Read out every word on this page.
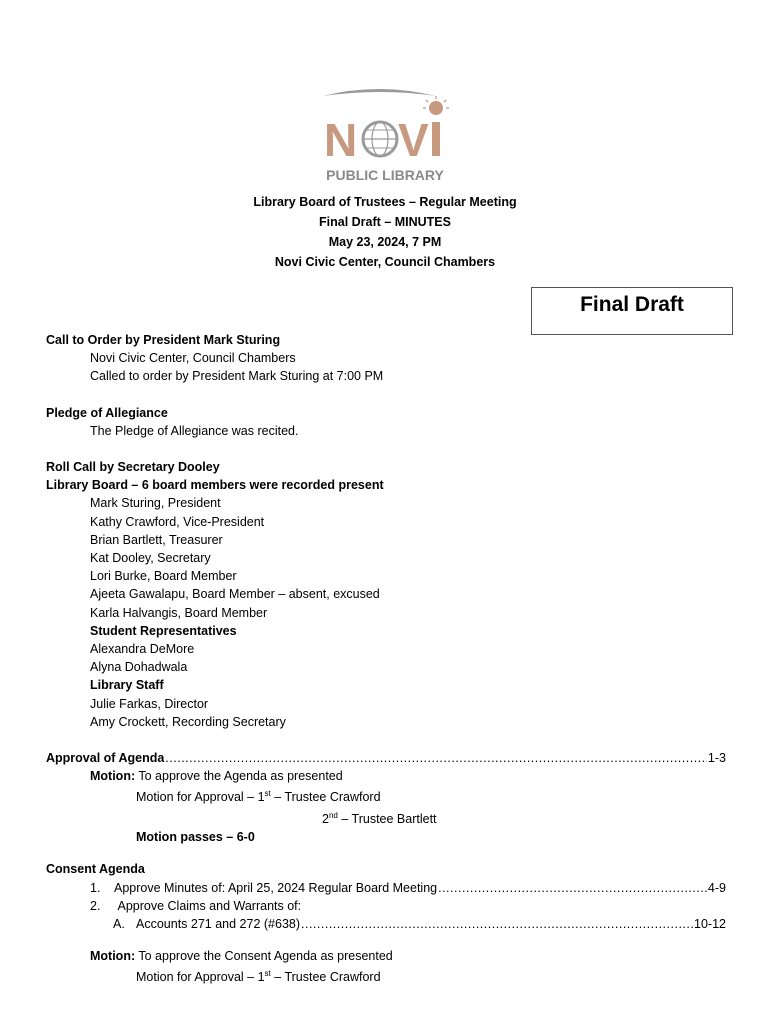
N V
PUBLIC LIBRARY
Library Board of Trustees – Regular Meeting
Final Draft – MINUTES
May 23, 2024, 7 PM
Novi Civic Center, Council Chambers
Final Draft
Call to Order by President Mark Sturing
Novi Civic Center, Council Chambers
Called to order by President Mark Sturing at 7:00 PM
Pledge of Allegiance
The Pledge of Allegiance was recited.
Roll Call by Secretary Dooley
Library Board – 6 board members were recorded present
Mark Sturing, President
Kathy Crawford, Vice-President
Brian Bartlett, Treasurer
Kat Dooley, Secretary
Lori Burke, Board Member
Ajeeta Gawalapu, Board Member – absent, excused
Karla Halvangis, Board Member
Student Representatives
Alexandra DeMore
Alyna Dohadwala
Library Staff
Julie Farkas, Director
Amy Crockett, Recording Secretary
Approval of Agenda .....	1-3
Motion: To approve the Agenda as presented
Motion for Approval – 1st – Trustee Crawford
2nd – Trustee Bartlett
Motion passes – 6-0
Consent Agenda
1.	Approve Minutes of: April 25, 2024 Regular Board Meeting .....	4-9
2. Approve Claims and Warrants of:
A. Accounts 271 and 272 (#638) .....	10-12
Motion: To approve the Consent Agenda as presented
Motion for Approval – 1st – Trustee Crawford
